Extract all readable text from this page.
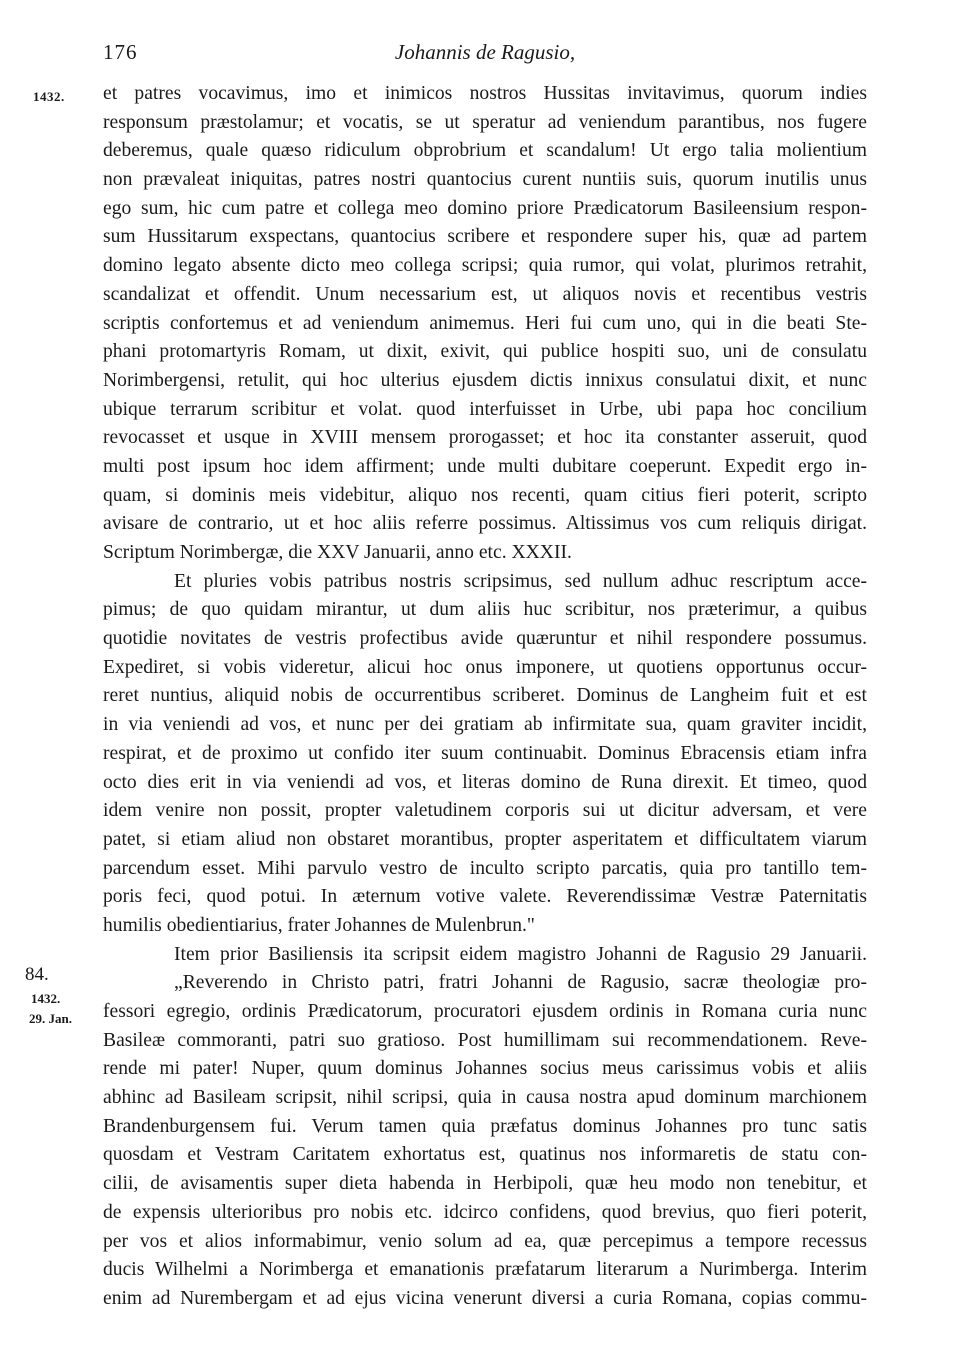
176	Johannis de Ragusio,
1432.
84.
1432.
29. Jan.
et patres vocavimus, imo et inimicos nostros Hussitas invitavimus, quorum indies
responsum præstolamur; et vocatis, se ut speratur ad veniendum parantibus, nos fugere
deberemus, quale quæso ridiculum obprobrium et scandalum! Ut ergo talia molientium
non prævaleat iniquitas, patres nostri quantocius curent nuntiis suis, quorum inutilis unus
ego sum, hic cum patre et collega meo domino priore Prædicatorum Basileensium respon-
sum Hussitarum exspectans, quantocius scribere et respondere super his, quæ ad partem
domino legato absente dicto meo collega scripsi; quia rumor, qui volat, plurimos retrahit,
scandalizat et offendit. Unum necessarium est, ut aliquos novis et recentibus vestris
scriptis confortemus et ad veniendum animemus. Heri fui cum uno, qui in die beati Ste-
phani protomartyris Romam, ut dixit, exivit, qui publice hospiti suo, uni de consulatu
Norimbergensi, retulit, qui hoc ulterius ejusdem dictis innixus consulatui dixit, et nunc
ubique terrarum scribitur et volat. quod interfuisset in Urbe, ubi papa hoc concilium
revocasset et usque in XVIII mensem prorogasset; et hoc ita constanter asseruit, quod
multi post ipsum hoc idem affirment; unde multi dubitare coeperunt. Expedit ergo in-
quam, si dominis meis videbitur, aliquo nos recenti, quam citius fieri poterit, scripto
avisare de contrario, ut et hoc aliis referre possimus. Altissimus vos cum reliquis dirigat.
Scriptum Norimbergæ, die XXV Januarii, anno etc. XXXII.
Et pluries vobis patribus nostris scripsimus, sed nullum adhuc rescriptum acce-
pimus; de quo quidam mirantur, ut dum aliis huc scribitur, nos præterimur, a quibus
quotidie novitates de vestris profectibus avide quæruntur et nihil respondere possumus.
Expediret, si vobis videretur, alicui hoc onus imponere, ut quotiens opportunus occur-
reret nuntius, aliquid nobis de occurrentibus scriberet. Dominus de Langheim fuit et est
in via veniendi ad vos, et nunc per dei gratiam ab infirmitate sua, quam graviter incidit,
respirat, et de proximo ut confido iter suum continuabit. Dominus Ebracensis etiam infra
octo dies erit in via veniendi ad vos, et literas domino de Runa direxit. Et timeo, quod
idem venire non possit, propter valetudinem corporis sui ut dicitur adversam, et vere
patet, si etiam aliud non obstaret morantibus, propter asperitatem et difficultatem viarum
parcendum esset. Mihi parvulo vestro de inculto scripto parcatis, quia pro tantillo tem-
poris feci, quod potui. In æternum votive valete. Reverendissimæ Vestræ Paternitatis
humilis obedientiarius, frater Johannes de Mulenbrun."
Item prior Basiliensis ita scripsit eidem magistro Johanni de Ragusio 29 Januarii.
„Reverendo in Christo patri, fratri Johanni de Ragusio, sacræ theologiæ pro-
fessori egregio, ordinis Prædicatorum, procuratori ejusdem ordinis in Romana curia nunc
Basileæ commoranti, patri suo gratioso. Post humillimam sui recommendationem. Reve-
rende mi pater! Nuper, quum dominus Johannes socius meus carissimus vobis et aliis
abhinc ad Basileam scripsit, nihil scripsi, quia in causa nostra apud dominum marchionem
Brandenburgensem fui. Verum tamen quia præfatus dominus Johannes pro tunc satis
quosdam et Vestram Caritatem exhortatus est, quatinus nos informaretis de statu con-
cilii, de avisamentis super dieta habenda in Herbipoli, quæ heu modo non tenebitur, et
de expensis ulterioribus pro nobis etc. idcirco confidens, quod brevius, quo fieri poterit,
per vos et alios informabimur, venio solum ad ea, quæ percepimus a tempore recessus
ducis Wilhelmi a Norimberga et emanationis præfatarum literarum a Nurimberga. Interim
enim ad Nurembergam et ad ejus vicina venerunt diversi a curia Romana, copias commu-
